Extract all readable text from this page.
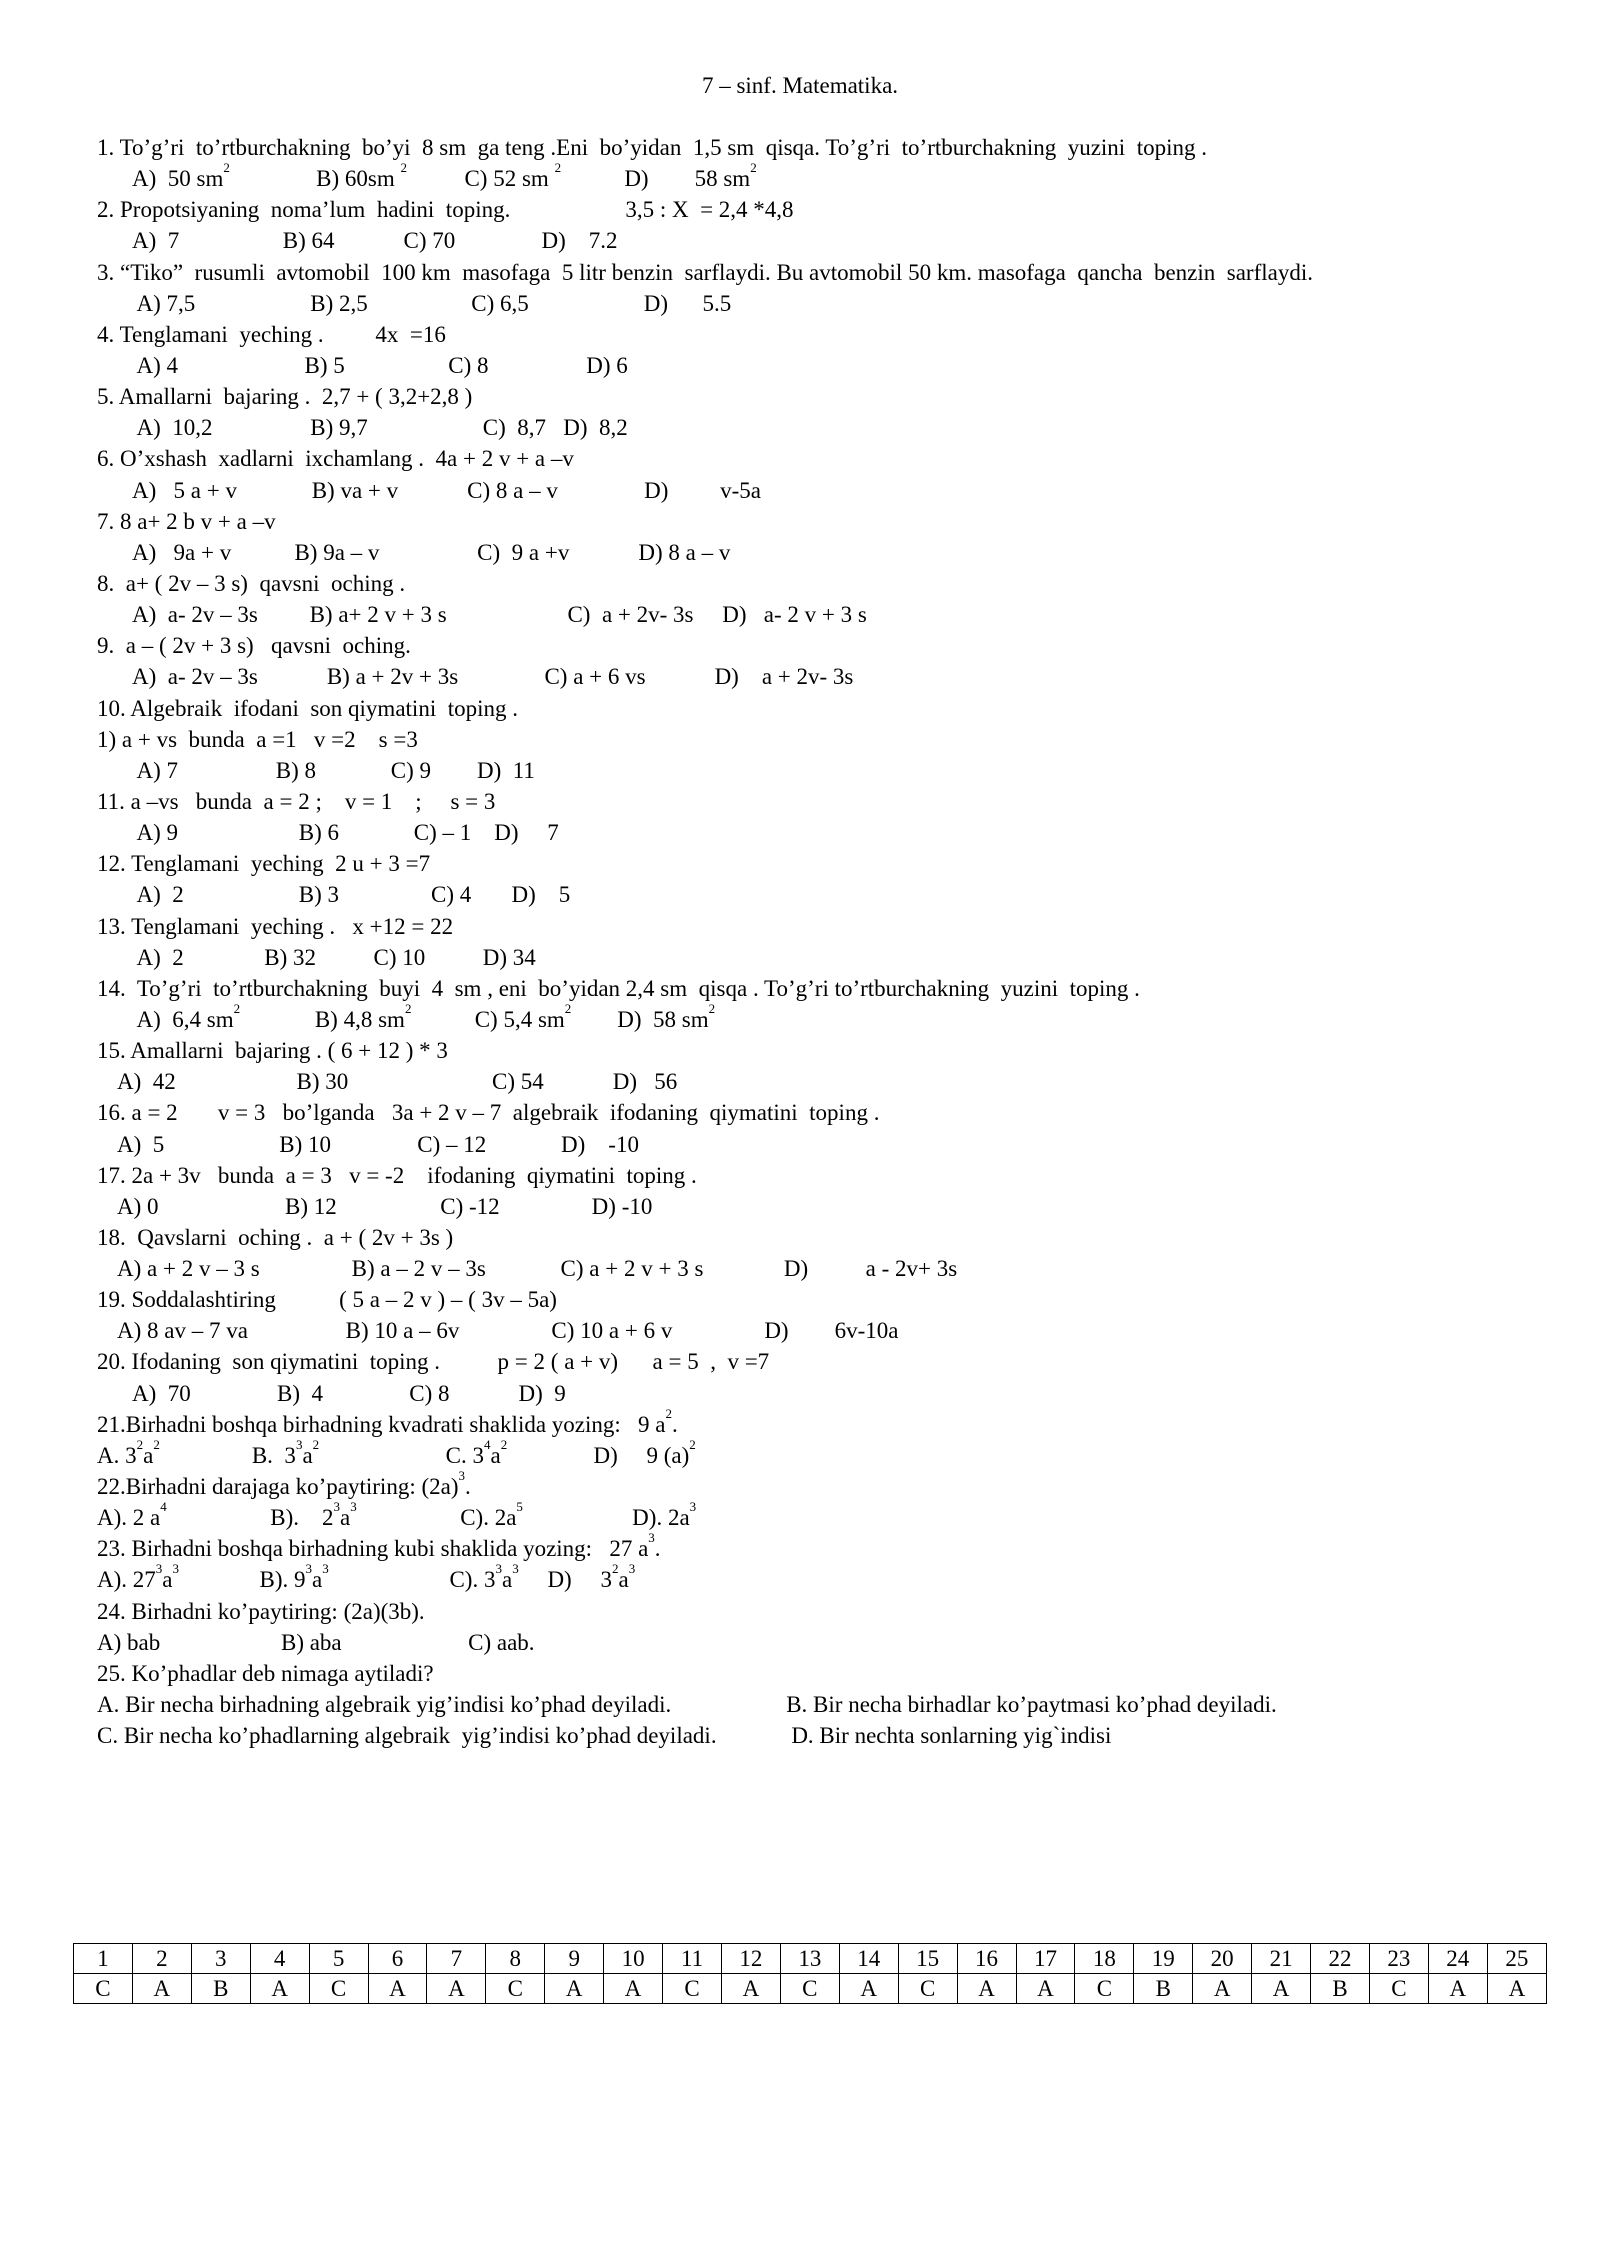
7 – sinf. Matematika.
1. To’g’ri  to’rtburchakning  bo’yi  8 sm  ga teng .Eni  bo’yidan  1,5 sm  qisqa. To’g’ri  to’rtburchakning  yuzini  toping .
A)  50 $sm^2$	B) 60sm $^2$	C) 52 sm $^2$	D)        58 $sm^2$
2. Propotsiyaning  noma’lum  hadini  toping.                    3,5 : X  = 2,4 *4,8
A)  7                  B) 64            C) 70               D)    7.2
3. “Tiko”  rusumli  avtomobil  100 km  masofaga  5 litr benzin  sarflaydi. Bu avtomobil 50 km. masofaga  qancha  benzin  sarflaydi.
A) 7,5                    B) 2,5                  C) 6,5                    D)      5.5
4. Tenglamani  yeching .         4x  =16
A) 4                      B) 5                  C) 8                 D) 6
5. Amallarni  bajaring .  2,7 + ( 3,2+2,8 )
A)  10,2                 B) 9,7                    C)  8,7   D)  8,2
6. O’xshash  xadlarni  ixchamlang .  4a + 2 v + a –v
A)   5 a + v             B) va + v            C) 8 a – v               D)         v-5a
7. 8 a+ 2 b v + a –v
A)   9a + v           B) 9a – v                 C)  9 a +v            D) 8 a – v
8.  a+ ( 2v – 3 s)  qavsni  oching .
A)  a- 2v – 3s         B) a+ 2 v + 3 s                     C)  a + 2v- 3s     D)   a- 2 v + 3 s
9.  a – ( 2v + 3 s)   qavsni  oching.
A)  a- 2v – 3s            B) a + 2v + 3s               C) a + 6 vs            D)    a + 2v- 3s
10. Algebraik  ifodani  son qiymatini  toping .
1) a + vs  bunda  a =1   v =2    s =3
A) 7                 B) 8             C) 9        D)  11
11. a –vs   bunda  a = 2 ;    v = 1    ;     s = 3
A) 9                     B) 6             C) – 1    D)     7
12. Tenglamani  yeching  2 u + 3 =7
A)  2                    B) 3                C) 4       D)    5
13. Tenglamani  yeching .   x +12 = 22
A)  2              B) 32          C) 10          D) 34
14.  To’g’ri  to’rtburchakning  buyi  4  sm , eni  bo’yidan 2,4 sm  qisqa . To’g’ri to’rtburchakning  yuzini  toping .
A)  6,4 $sm^2$	B) 4,8 $sm^2$	C) 5,4 $sm^2$ D)  58 $sm^2$
15. Amallarni  bajaring . ( 6 + 12 ) * 3
A)  42                     B) 30                         C) 54            D)   56
16. a = 2       v = 3   bo’lganda   3a + 2 v – 7  algebraik  ifodaning  qiymatini  toping .
A)  5                    B) 10               C) – 12             D)    -10
17. 2a + 3v   bunda  a = 3   v = -2    ifodaning  qiymatini  toping .
A) 0                      B) 12                  C) -12                D) -10
18.  Qavslarni  oching .  a + ( 2v + 3s )
A) a + 2 v – 3 s                B) a – 2 v – 3s             C) a + 2 v + 3 s              D)          a - 2v+ 3s
19. Soddalashtiring           ( 5 a – 2 v ) – ( 3v – 5a)
A) 8 av – 7 va                 B) 10 a – 6v                C) 10 a + 6 v                D)        6v-10a
20. Ifodaning  son qiymatini  toping .          p = 2 ( a + v)      a = 5  ,  v =7
A)  70               B)  4               C) 8            D)  9
21.Birhadni boshqa birhadning kvadrati shaklida yozing:   9 $a^2$.
A. $3^2a^2$	B.  $3^3a^2$	C. $3^4a^2$	D)     9 $(a)^2$
22.Birhadni darajaga ko’paytiring: $(2a)^3$.
A). 2 $a^4$	B).    $2^3a^3$	C). $2a^5$	D). $2a^3$
23. Birhadni boshqa birhadning kubi shaklida yozing:   27 $a^3$.
A). $27^3a^3$	B). $9^3a^3$	C). $3^3a^3$ D)     $3^2a^3$
24. Birhadni ko’paytiring: (2a)(3b).
A) bab                     B) aba                      C) aab.
25. Ko’phadlar deb nimaga aytiladi?
A. Bir necha birhadning algebraik yig’indisi ko’phad deyiladi.                    B. Bir necha birhadlar ko’paytmasi ko’phad deyiladi.
C. Bir necha ko’phadlarning algebraik  yig’indisi ko’phad deyiladi.             D. Bir nechta sonlarning yig`indisi
1	2	3	4	5	6	7	8	9	10	11	12	13	14	15	16	17	18	19	20	21	22	23	24	25
C	A	B	A	C	A	A	C	A	A	C	A	C	A	C	A	A	C	B	A	A	B	C	A	A
